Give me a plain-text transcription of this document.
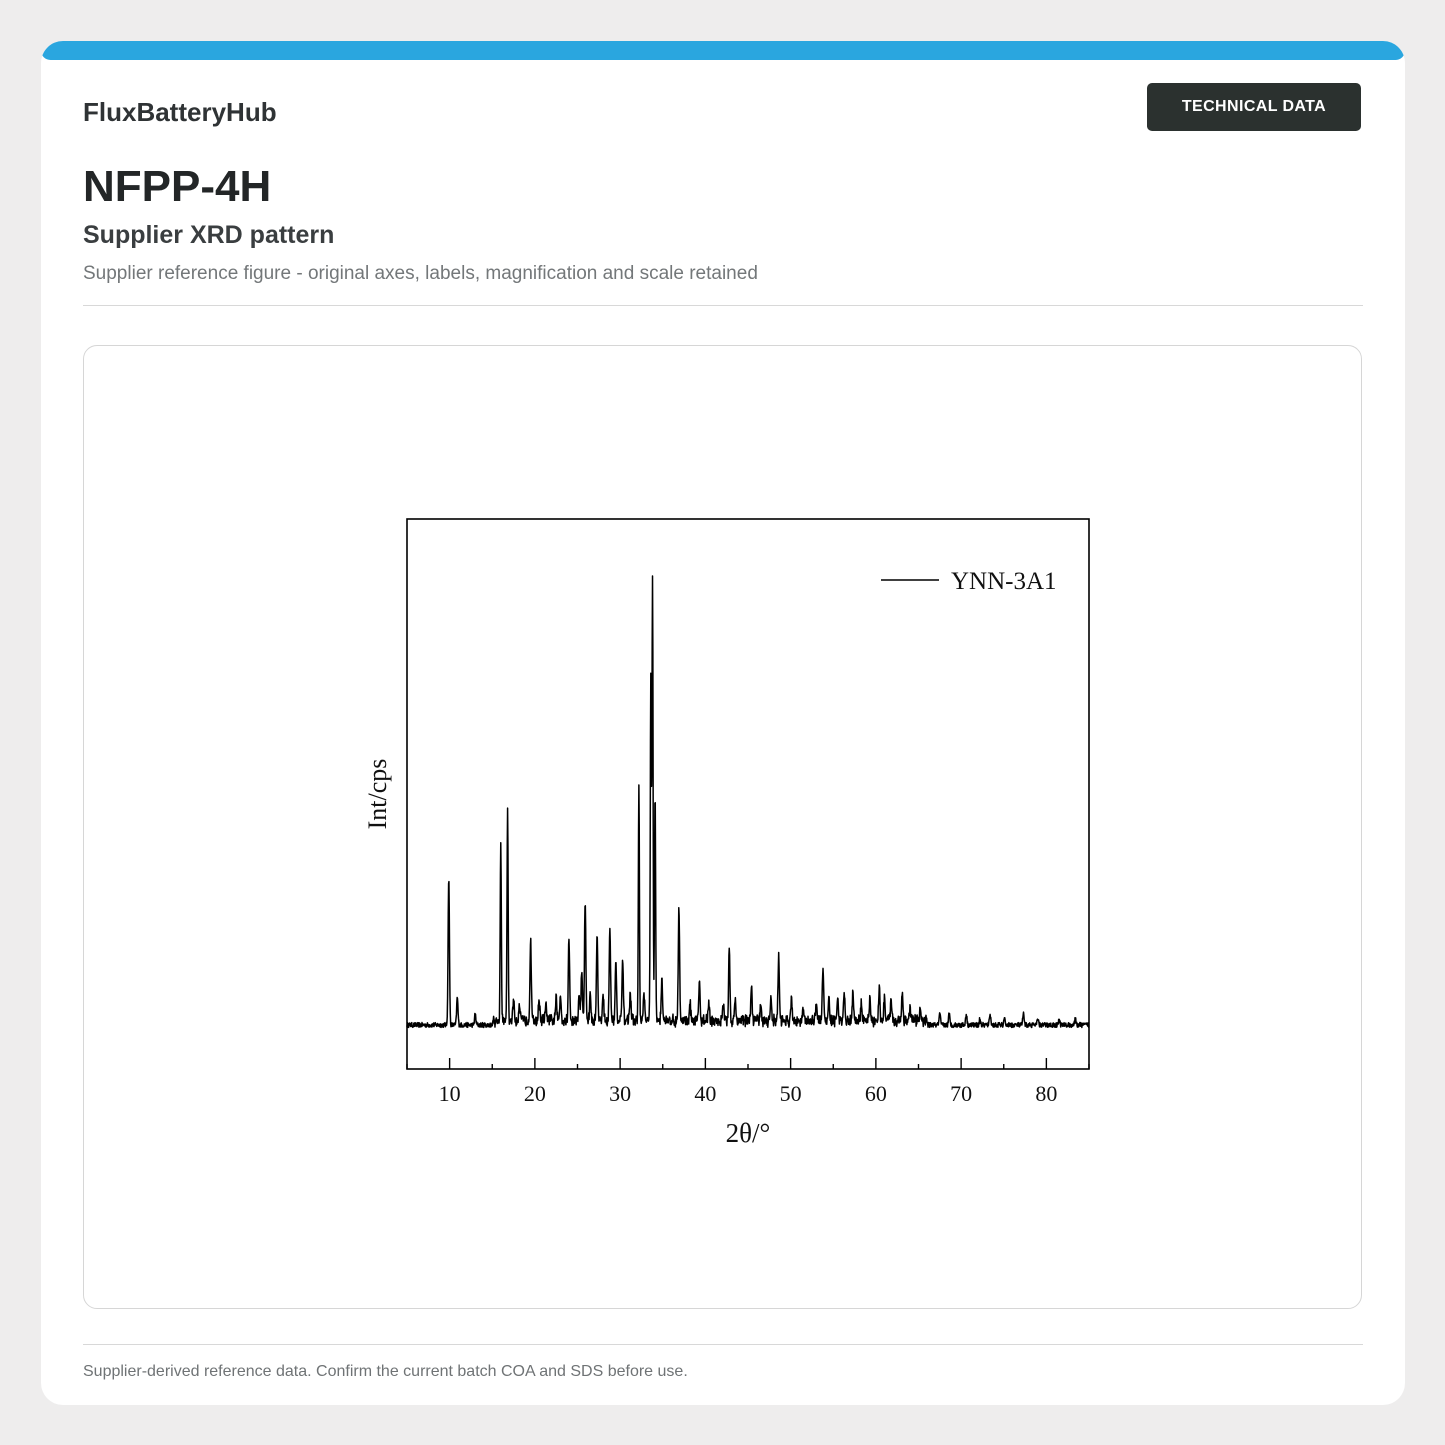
FluxBatteryHub	TECHNICAL DATA
NFPP-4H
Supplier XRD pattern
Supplier reference figure - original axes, labels, magnification and scale retained
10	20	30	40	50	60	70	80
YNN-3A1
2θ/°
Int/cps
Supplier-derived reference data. Confirm the current batch COA and SDS before use.
